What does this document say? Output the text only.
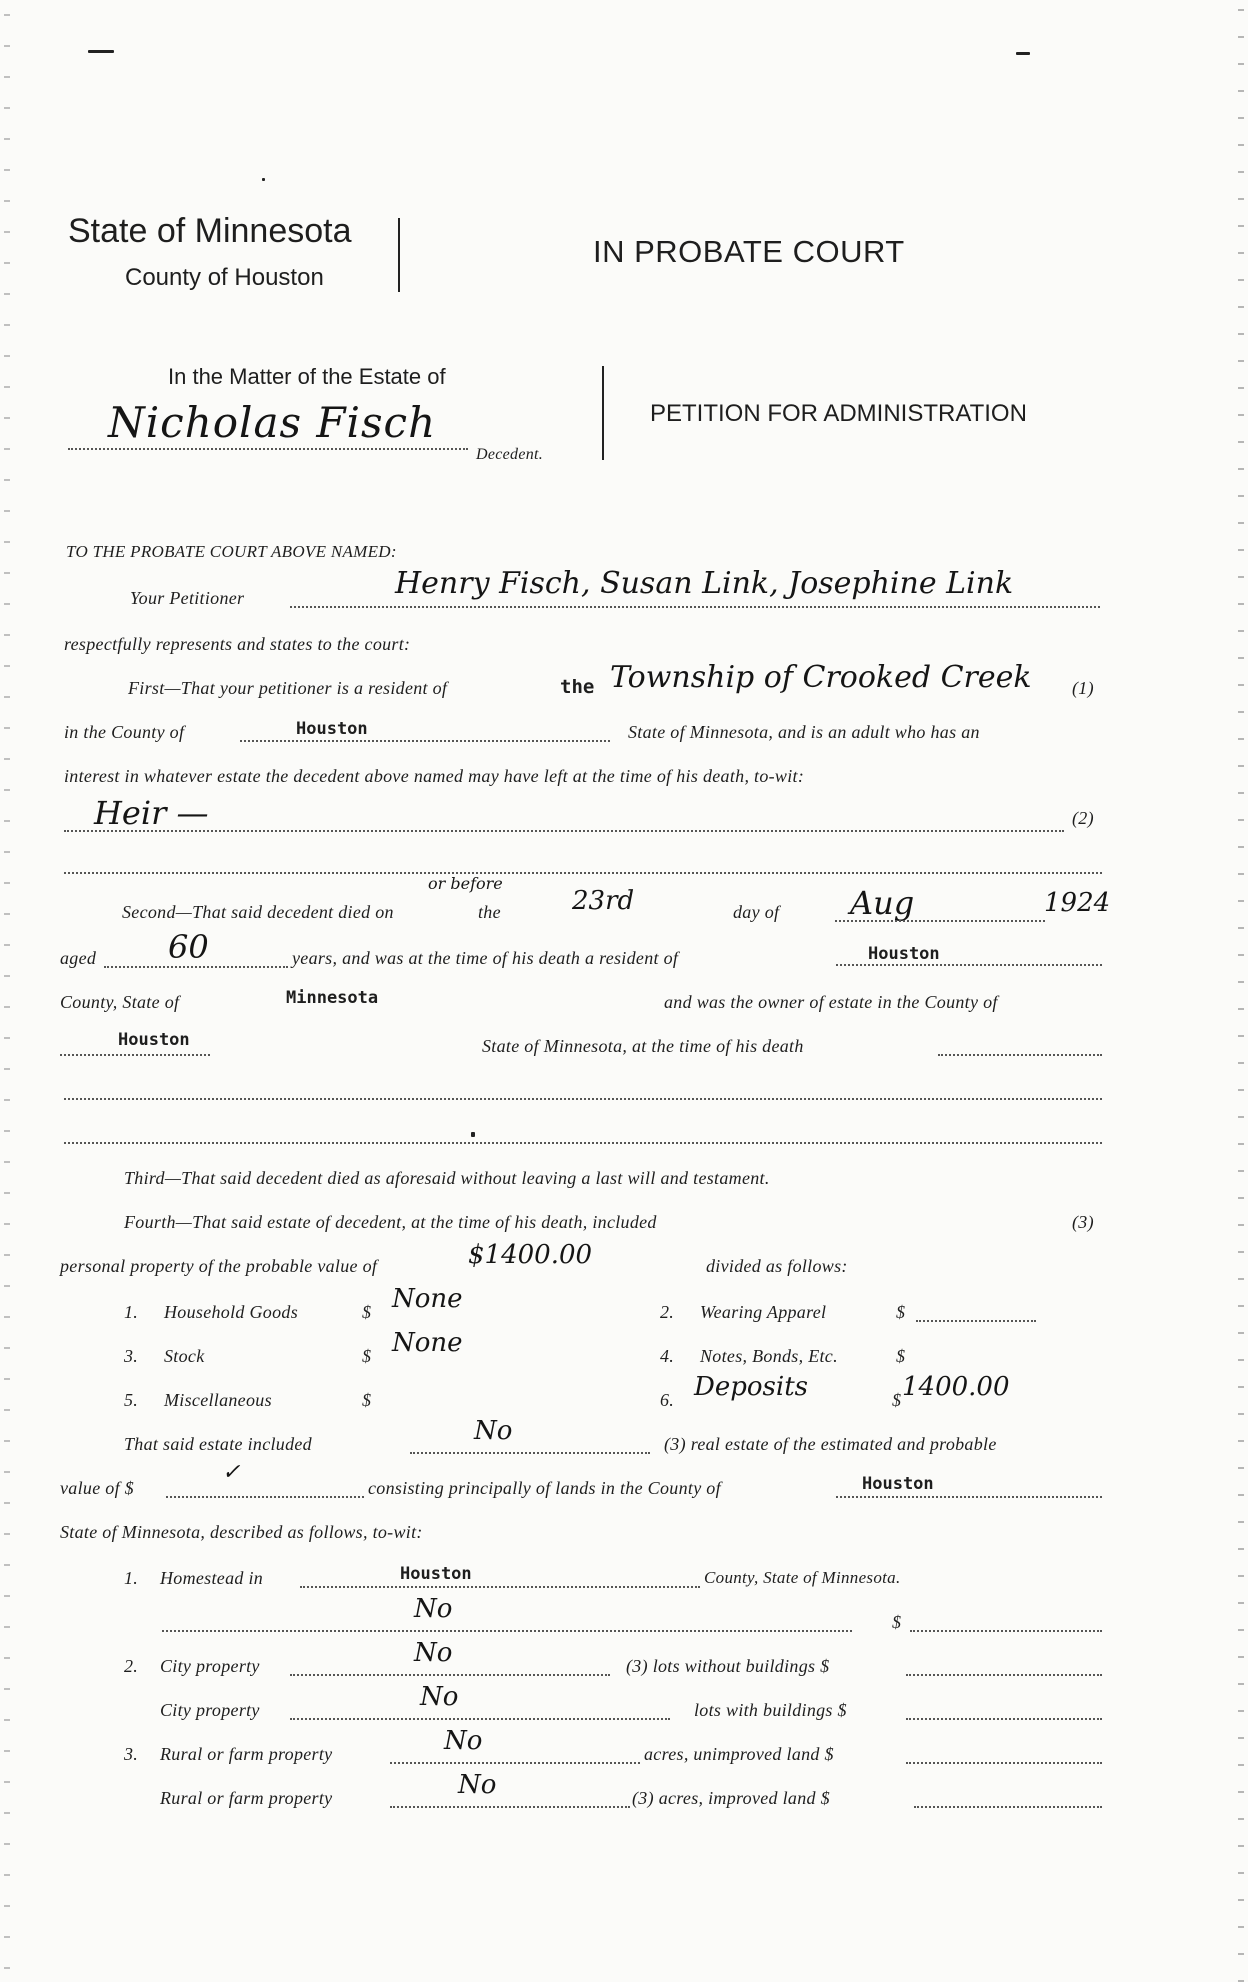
State of Minnesota
County of Houston
IN PROBATE COURT
In the Matter of the Estate of
Nicholas Fisch
Decedent.
PETITION FOR ADMINISTRATION
TO THE PROBATE COURT ABOVE NAMED:
Your Petitioner	Henry Fisch, Susan Link, Josephine Link
respectfully represents and states to the court:
First—That your petitioner is a resident of	the Township of Crooked Creek (1)
in the County of	Houston	State of Minnesota, and is an adult who has an
interest in whatever estate the decedent above named may have left at the time of his death, to-wit:
Heir —	(2)
Second—That said decedent died on
or before
the	23rd	day of Aug	1924
aged 60	years, and was at the time of his death a resident of	Houston
County, State of	Minnesota	and was the owner of estate in the County of
Houston	State of Minnesota, at the time of his death
Third—That said decedent died as aforesaid without leaving a last will and testament.
Fourth—That said estate of decedent, at the time of his death, included	(3)
personal property of the probable value of	$1400.00	divided as follows:
1. Household Goods	$ None	2. Wearing Apparel	$
3. Stock	$ None	4. Notes, Bonds, Etc.	$
5. Miscellaneous	$	6. Deposits	$ 1400.00
That said estate included	No	(3) real estate of the estimated and probable
value of $
✓
consisting principally of lands in the County of	Houston
State of Minnesota, described as follows, to-wit:
1. Homestead in	Houston	County, State of Minnesota.
No	$
2. City property	No	(3) lots without buildings $
City property	No	lots with buildings $
3. Rural or farm property	No	acres, unimproved land $
Rural or farm property	No	(3) acres, improved land $
